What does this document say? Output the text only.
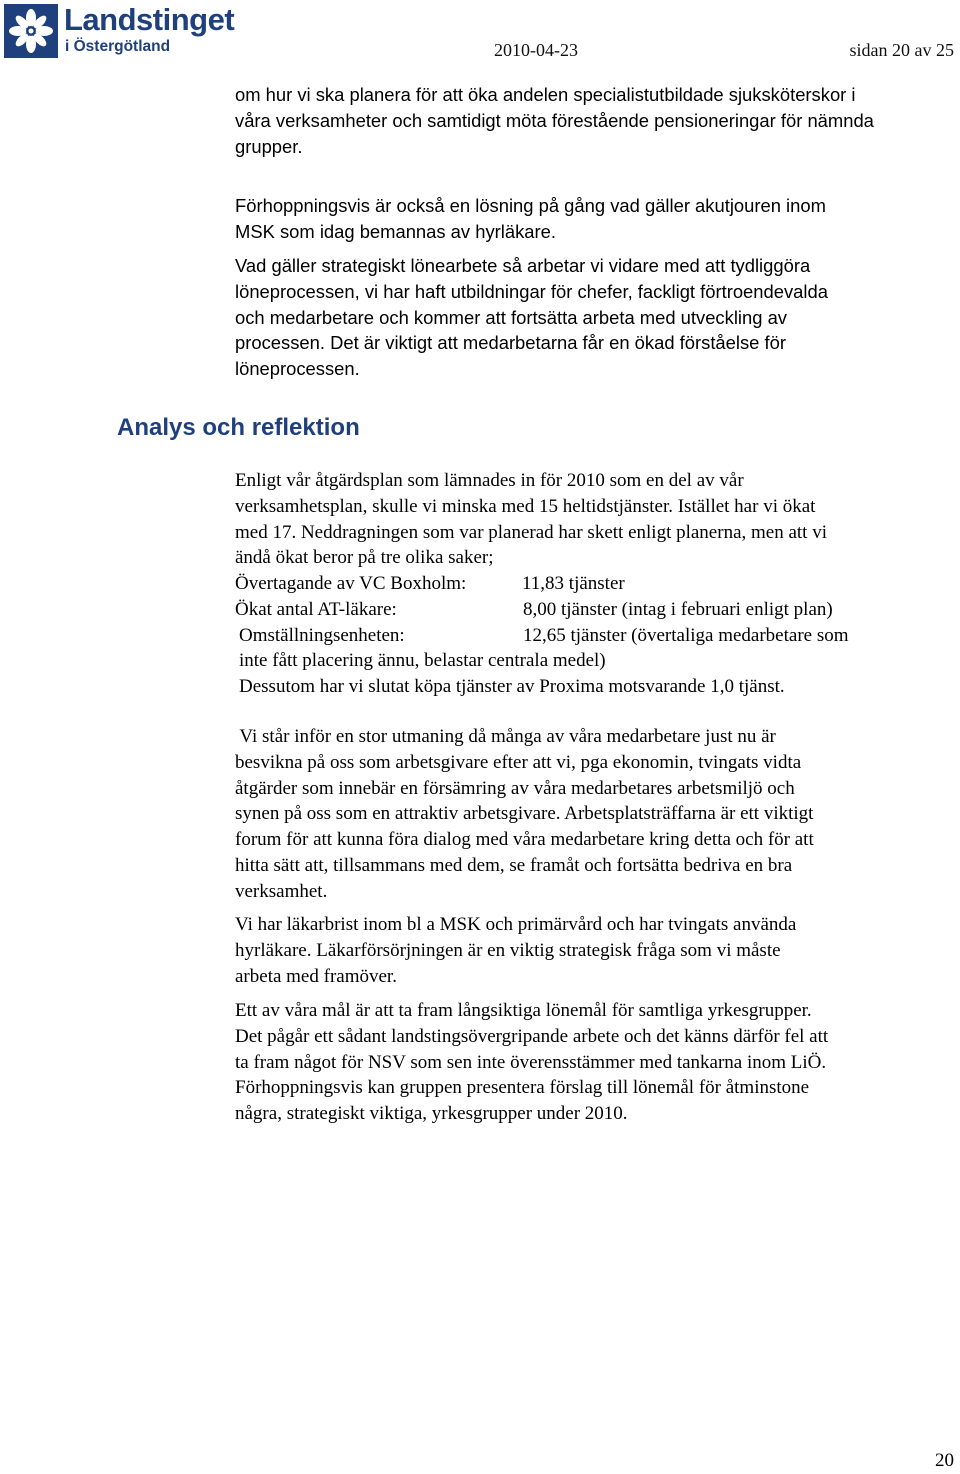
Landstinget
i Östergötland	2010-04-23	sidan 20 av 25
om hur vi ska planera för att öka andelen specialistutbildade sjuksköterskor i
våra verksamheter och samtidigt möta förestående pensioneringar för nämnda
grupper.
Förhoppningsvis är också en lösning på gång vad gäller akutjouren inom
MSK som idag bemannas av hyrläkare.
Vad gäller strategiskt lönearbete så arbetar vi vidare med att tydliggöra
löneprocessen, vi har haft utbildningar för chefer, fackligt förtroendevalda
och medarbetare och kommer att fortsätta arbeta med utveckling av
processen. Det är viktigt att medarbetarna får en ökad förståelse för
löneprocessen.
Analys och reflektion
Enligt vår åtgärdsplan som lämnades in för 2010 som en del av vår
verksamhetsplan, skulle vi minska med 15 heltidstjänster. Istället har vi ökat
med 17. Neddragningen som var planerad har skett enligt planerna, men att vi
ändå ökat beror på tre olika saker;
Övertagande av VC Boxholm:	11,83 tjänster
Ökat antal AT-läkare:	8,00 tjänster (intag i februari enligt plan)
Omställningsenheten:	12,65 tjänster (övertaliga medarbetare som
inte fått placering ännu, belastar centrala medel)
Dessutom har vi slutat köpa tjänster av Proxima motsvarande 1,0 tjänst.
Vi står inför en stor utmaning då många av våra medarbetare just nu är
besvikna på oss som arbetsgivare efter att vi, pga ekonomin, tvingats vidta
åtgärder som innebär en försämring av våra medarbetares arbetsmiljö och
synen på oss som en attraktiv arbetsgivare. Arbetsplatsträffarna är ett viktigt
forum för att kunna föra dialog med våra medarbetare kring detta och för att
hitta sätt att, tillsammans med dem, se framåt och fortsätta bedriva en bra
verksamhet.
Vi har läkarbrist inom bl a MSK och primärvård och har tvingats använda
hyrläkare. Läkarförsörjningen är en viktig strategisk fråga som vi måste
arbeta med framöver.
Ett av våra mål är att ta fram långsiktiga lönemål för samtliga yrkesgrupper.
Det pågår ett sådant landstingsövergripande arbete och det känns därför fel att
ta fram något för NSV som sen inte överensstämmer med tankarna inom LiÖ.
Förhoppningsvis kan gruppen presentera förslag till lönemål för åtminstone
några, strategiskt viktiga, yrkesgrupper under 2010.
20
